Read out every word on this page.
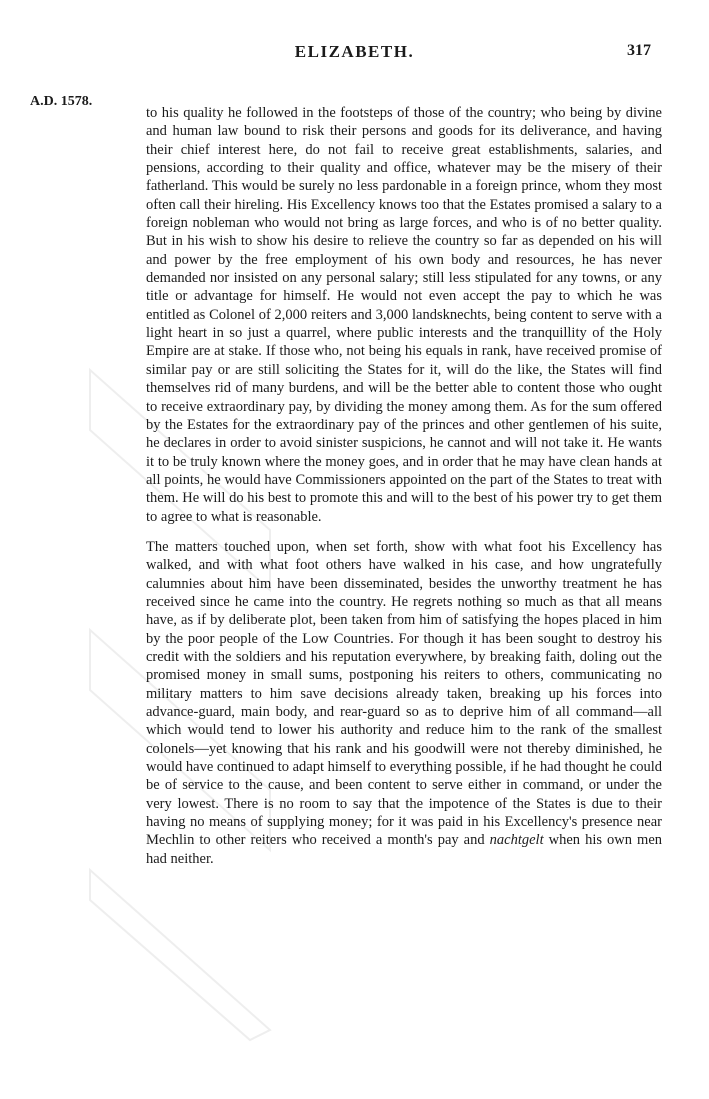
ELIZABETH.	317
A.D. 1578.

to his quality he followed in the footsteps of those of the country; who being by divine and human law bound to risk their persons and goods for its deliverance, and having their chief interest here, do not fail to receive great establishments, salaries, and pensions, according to their quality and office, whatever may be the misery of their fatherland. This would be surely no less pardonable in a foreign prince, whom they most often call their hireling. His Excellency knows too that the Estates promised a salary to a foreign nobleman who would not bring as large forces, and who is of no better quality. But in his wish to show his desire to relieve the country so far as depended on his will and power by the free employment of his own body and resources, he has never demanded nor insisted on any personal salary; still less stipulated for any towns, or any title or advantage for himself. He would not even accept the pay to which he was entitled as Colonel of 2,000 reiters and 3,000 landsknechts, being content to serve with a light heart in so just a quarrel, where public interests and the tranquillity of the Holy Empire are at stake. If those who, not being his equals in rank, have received promise of similar pay or are still soliciting the States for it, will do the like, the States will find themselves rid of many burdens, and will be the better able to content those who ought to receive extraordinary pay, by dividing the money among them. As for the sum offered by the Estates for the extraordinary pay of the princes and other gentlemen of his suite, he declares in order to avoid sinister suspicions, he cannot and will not take it. He wants it to be truly known where the money goes, and in order that he may have clean hands at all points, he would have Commissioners appointed on the part of the States to treat with them. He will do his best to promote this and will to the best of his power try to get them to agree to what is reasonable.

The matters touched upon, when set forth, show with what foot his Excellency has walked, and with what foot others have walked in his case, and how ungratefully calumnies about him have been disseminated, besides the unworthy treatment he has received since he came into the country. He regrets nothing so much as that all means have, as if by deliberate plot, been taken from him of satisfying the hopes placed in him by the poor people of the Low Countries. For though it has been sought to destroy his credit with the soldiers and his reputation everywhere, by breaking faith, doling out the promised money in small sums, postponing his reiters to others, communicating no military matters to him save decisions already taken, breaking up his forces into advance-guard, main body, and rear-guard so as to deprive him of all command—all which would tend to lower his authority and reduce him to the rank of the smallest colonels—yet knowing that his rank and his goodwill were not thereby diminished, he would have continued to adapt himself to everything possible, if he had thought he could be of service to the cause, and been content to serve either in command, or under the very lowest. There is no room to say that the impotence of the States is due to their having no means of supplying money; for it was paid in his Excellency's presence near Mechlin to other reiters who received a month's pay and nachtgelt when his own men had neither.
